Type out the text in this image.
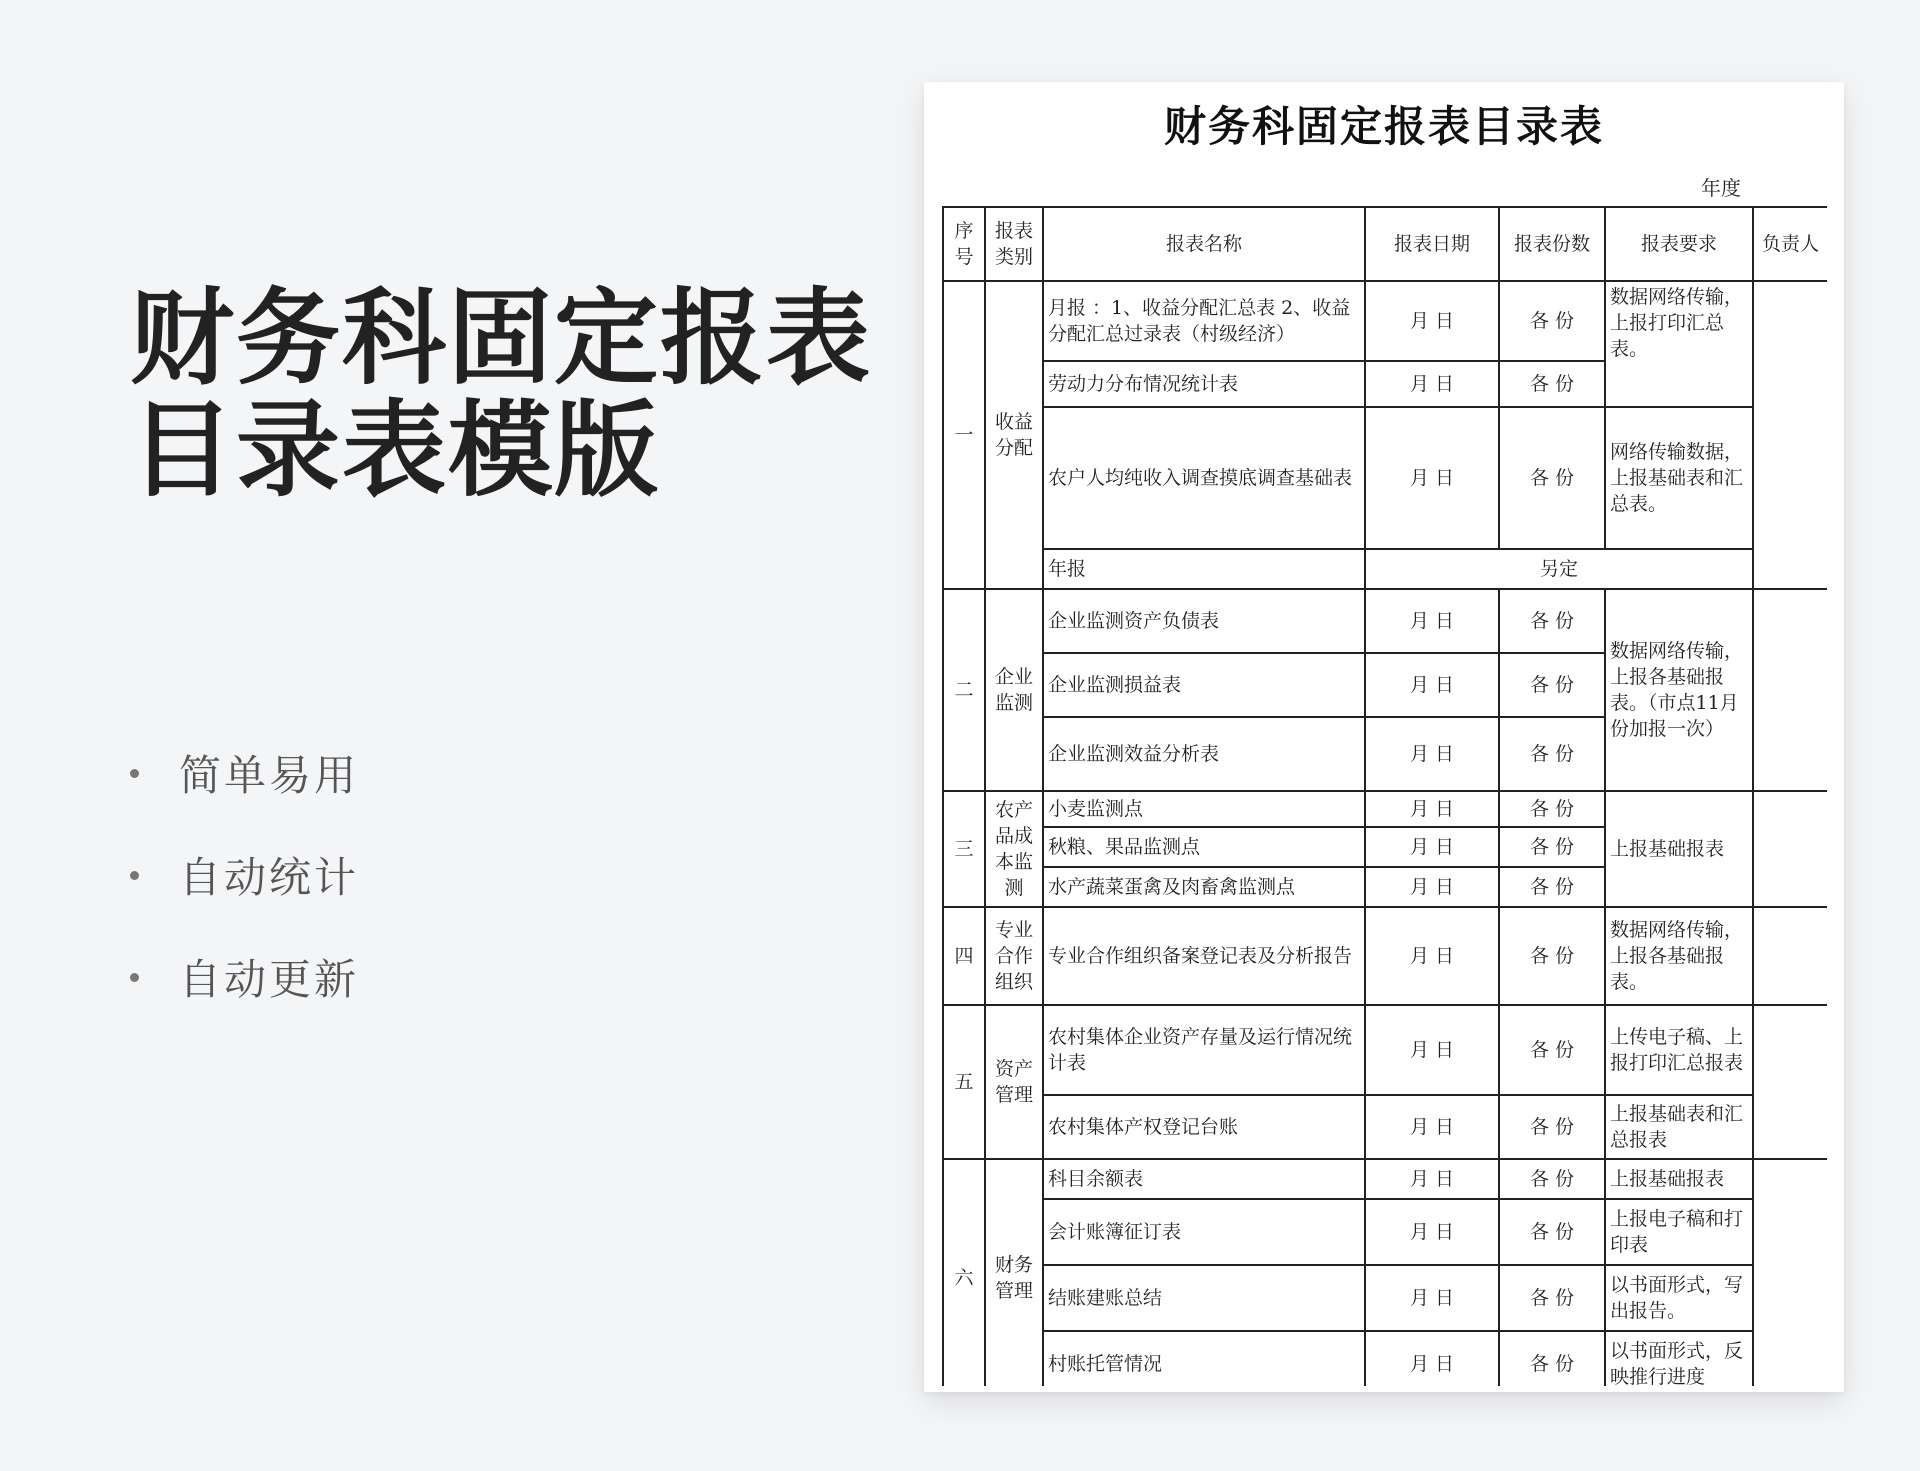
财务科固定报表
目录表模版
简单易用
自动统计
自动更新
财务科固定报表目录表
年度
序号	报表类别	报表名称	报表日期	报表份数	报表要求	负责人
一	收益分配	月报 ：1、收益分配汇总表 2、收益分配汇总过录表（村级经济）	月 日	各 份	数据网络传输，上报打印汇总表。	
		劳动力分布情况统计表	月 日	各 份		
		农户人均纯收入调查摸底调查基础表	月 日	各 份	网络传输数据，上报基础表和汇总表。	
		年报	另定			
二	企业监测	企业监测资产负债表	月 日	各 份	数据网络传输，上报各基础报表。（市点11月份加报一次）	
		企业监测损益表	月 日	各 份		
		企业监测效益分析表	月 日	各 份		
三	农产品成本监测	小麦监测点	月 日	各 份	上报基础报表	
		秋粮、果品监测点	月 日	各 份		
		水产蔬菜蛋禽及肉畜禽监测点	月 日	各 份		
四	专业合作组织	专业合作组织备案登记表及分析报告	月 日	各 份	数据网络传输，上报各基础报表。	
五	资产管理	农村集体企业资产存量及运行情况统计表	月 日	各 份	上传电子稿、上报打印汇总报表	
		农村集体产权登记台账	月 日	各 份	上报基础表和汇总报表	
六	财务管理	科目余额表	月 日	各 份	上报基础报表	
		会计账簿征订表	月 日	各 份	上报电子稿和打印表	
		结账建账总结	月 日	各 份	以书面形式，写出报告。	
		村账托管情况	月 日	各 份	以书面形式，反映推行进度	
